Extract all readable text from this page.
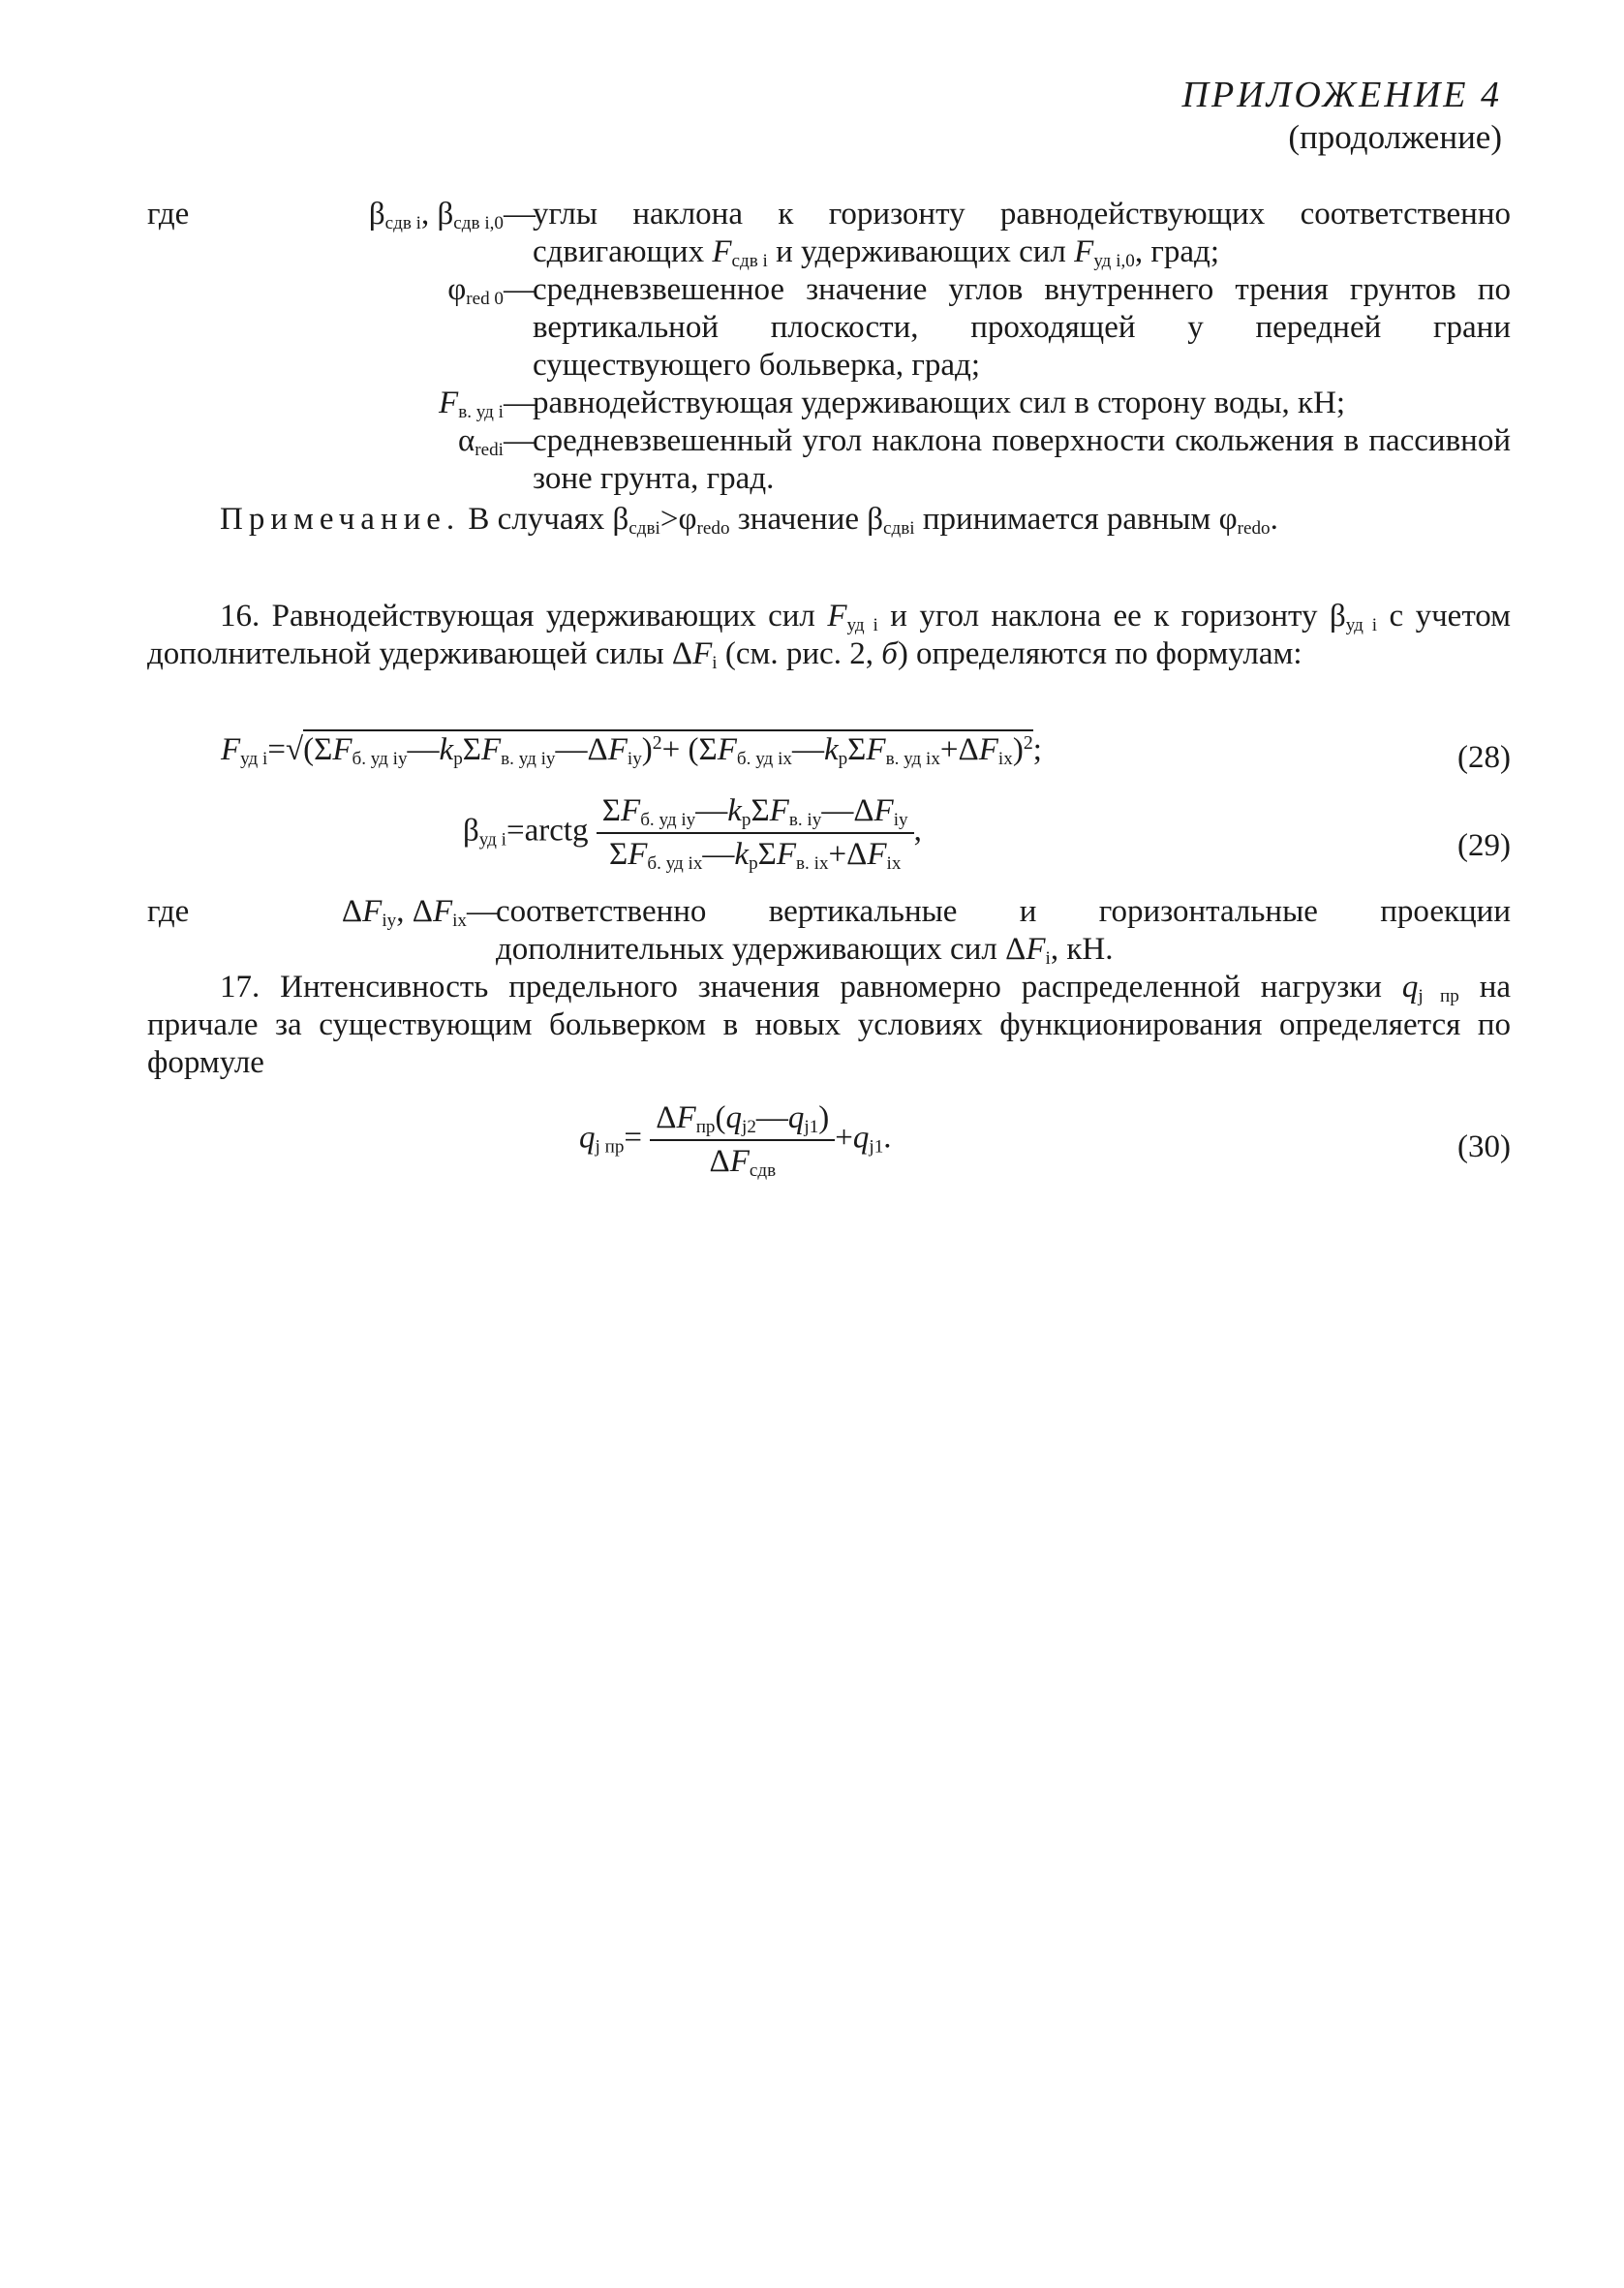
ПРИЛОЖЕНИЕ 4
(продолжение)
где	$\beta_{сдв і}$, $\beta_{сдв і,0}$ —
углы наклона к горизонту равнодействующих соответственно сдвигающих $F_{сдв і}$ и удерживающих сил $F_{уд і,0}$, град;
$\varphi_{red 0}$ —
средневзвешенное значение углов внутреннего трения грунтов по вертикальной плоскости, проходящей у передней грани существующего больверка, град;
$F_{в. уд і}$ —
равнодействующая удерживающих сил в сторону воды, кН;
$\alpha_{redi}$ —
средневзвешенный угол наклона поверхности скольжения в пассивной зоне грунта, град.
Примечание. В случаях $\beta_{сдві}>\varphi_{redо}$ значение $\beta_{сдві}$ принимается равным $\varphi_{redо}$.
16. Равнодействующая удерживающих сил $F_{уд і}$ и угол наклона ее к горизонту $\beta_{уд і}$ с учетом дополнительной удерживающей силы $\Delta F_і$ (см. рис. 2, б) определяются по формулам:
$F_{уд і}=√(\Sigma F_{б. уд іу}—k_р\Sigma F_{в. уд іу}—\Delta F_{іу})^2+$ $(\Sigma F_{б. уд іх}—k_р\Sigma F_{в. уд іх}+\Delta F_{іх})^2$;	(28)
$\beta_{уд і}=arctg \frac{\Sigma F_{б. уд іу}—k_р\Sigma F_{в. іу}—\Delta F_{іу}}{\Sigma F_{б. уд іх}—k_р\Sigma F_{в. іх}+\Delta F_{іх}}$ ,	(29)
где	$\Delta F_{іу}$, $\Delta F_{іх}$ —
соответственно вертикальные и горизонтальные проекции дополнительных удерживающих сил $\Delta F_і$, кН.
17. Интенсивность предельного значения равномерно распределенной нагрузки $q_{j пр}$ на причале за существующим больверком в новых условиях функционирования определяется по формуле
$q_{j пр}= \frac{\Delta F_{пр}(q_{j2}—q_{j1})}{\Delta F_{сдв}} +q_{j1}$.	(30)
